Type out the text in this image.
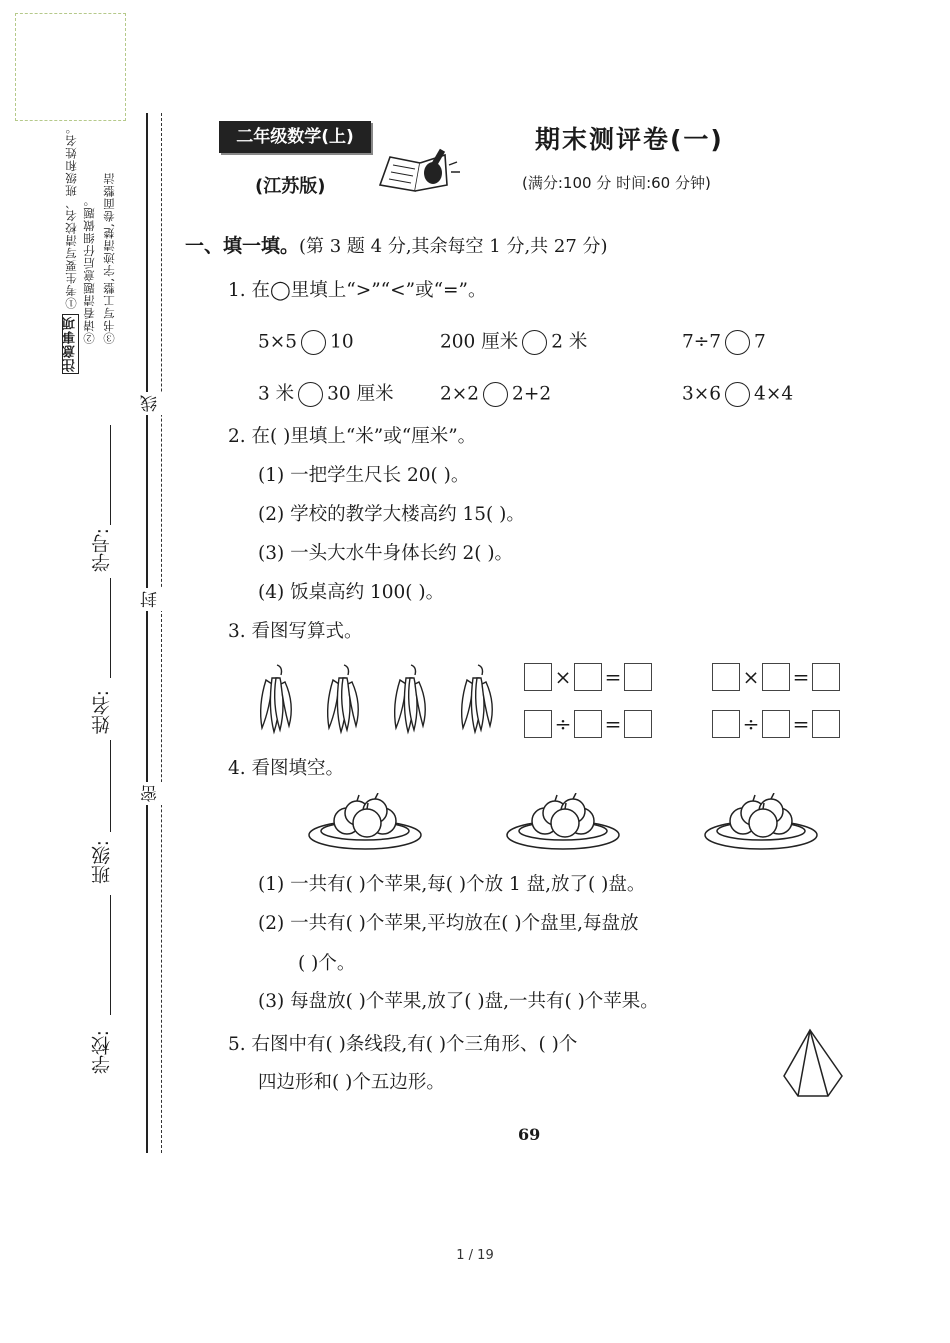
注意事项 ①考生要写清校名、班级和姓名。 ②请看清题意后仔细做题。 ③书写工整,字迹清楚,卷面整洁
学号:
姓名:
班级:
学校:
线
封
密
二年级数学(上)
(江苏版)
期末测评卷(一)
(满分:100 分 时间:60 分钟)
一、填一填。(第 3 题 4 分,其余每空 1 分,共 27 分)
1. 在◯里填上“>”“<”或“=”。
5×5 10	200 厘米 2 米	7÷7 7
3 米 30 厘米	2×2 2+2	3×6 4×4
2. 在( )里填上“米”或“厘米”。
(1) 一把学生尺长 20( )。
(2) 学校的教学大楼高约 15( )。
(3) 一头大水牛身体长约 2( )。
(4) 饭桌高约 100( )。
3. 看图写算式。
× =	× =
÷ =	÷ =
4. 看图填空。
(1) 一共有( )个苹果,每( )个放 1 盘,放了( )盘。
(2) 一共有( )个苹果,平均放在( )个盘里,每盘放
( )个。
(3) 每盘放( )个苹果,放了( )盘,一共有( )个苹果。
5. 右图中有( )条线段,有( )个三角形、( )个
四边形和( )个五边形。
69
1 / 19
